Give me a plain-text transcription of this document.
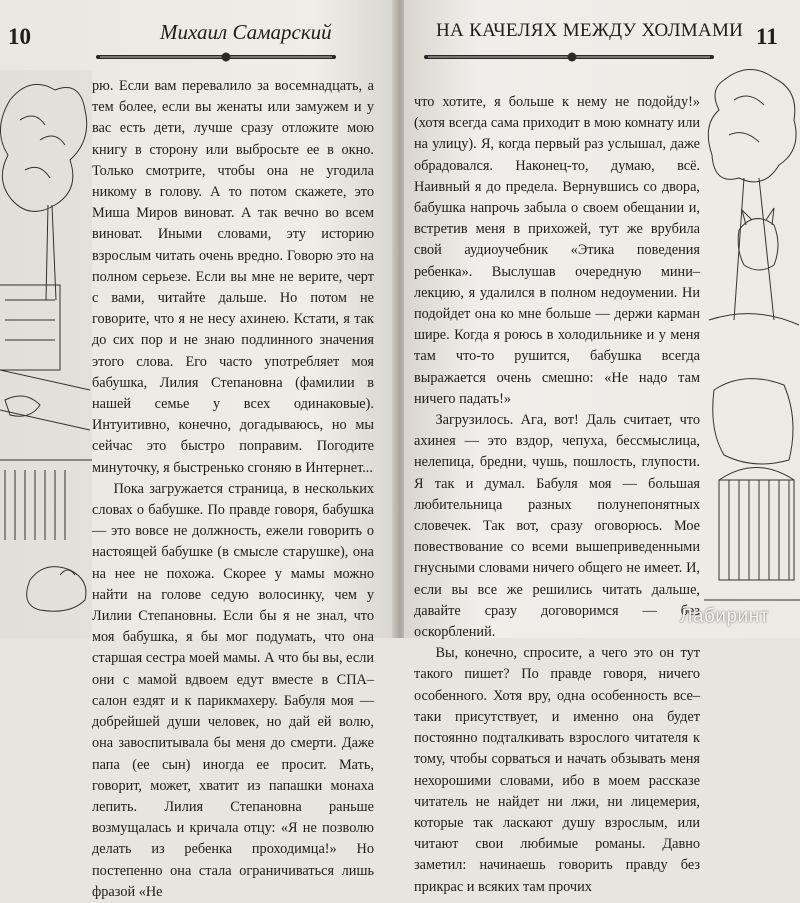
10	Михаил Самарский

рю. Если вам перевалило за восемнадцать, а тем более, если вы женаты или замужем и у вас есть дети, лучше сразу отложите мою книгу в сторону или выбросьте ее в окно. Только смотрите, чтобы она не угодила никому в голову. А то потом скажете, это Миша Миров виноват. А так вечно во всем виноват. Иными словами, эту историю взрослым читать очень вредно. Говорю это на полном серьезе. Если вы мне не верите, черт с вами, читайте дальше. Но потом не говорите, что я не несу ахинею. Кстати, я так до сих пор и не знаю подлинного значения этого слова. Его часто употребляет моя бабушка, Лилия Степановна (фамилии в нашей семье у всех одинаковые). Интуитивно, конечно, догадываюсь, но мы сейчас это быстро поправим. Погодите минуточку, я быстренько сгоняю в Интернет...

Пока загружается страница, в нескольких словах о бабушке. По правде говоря, бабушка — это вовсе не должность, ежели говорить о настоящей бабушке (в смысле старушке), она на нее не похожа. Скорее у мамы можно найти на голове седую волосинку, чем у Лилии Степановны. Если бы я не знал, что моя бабушка, я бы мог подумать, что она старшая сестра моей мамы. А что бы вы, если они с мамой вдвоем едут вместе в СПА–салон ездят и к парикмахеру. Бабуля моя — добрейшей души человек, но дай ей волю, она завоспитывала бы меня до смерти. Даже папа (ее сын) иногда ее просит. Мать, говорит, может, хватит из папашки монаха лепить. Лилия Степановна раньше возмущалась и кричала отцу: «Я не позволю делать из ребенка проходимца!» Но постепенно она стала ограничиваться лишь фразой «Не

11
НА КАЧЕЛЯХ МЕЖДУ ХОЛМАМИ

что хотите, я больше к нему не подойду!» (хотя всегда сама приходит в мою комнату или на улицу). Я, когда первый раз услышал, даже обрадовался. Наконец-то, думаю, всё. Наивный я до предела. Вернувшись со двора, бабушка напрочь забыла о своем обещании и, встретив меня в прихожей, тут же врубила свой аудиоучебник «Этика поведения ребенка». Выслушав очередную мини–лекцию, я удалился в полном недоумении. Ни подойдет она ко мне больше — держи карман шире. Когда я роюсь в холодильнике и у меня там что-то рушится, бабушка всегда выражается очень смешно: «Не надо там ничего падать!»

Загрузилось. Ага, вот! Даль считает, что ахинея — это вздор, чепуха, бессмыслица, нелепица, бредни, чушь, пошлость, глупости. Я так и думал. Бабуля моя — большая любительница разных полунепонятных словечек. Так вот, сразу оговорюсь. Мое повествование со всеми вышеприведенными гнусными словами ничего общего не имеет. И, если вы все же решились читать дальше, давайте сразу договоримся — без оскорблений.

Вы, конечно, спросите, а чего это он тут такого пишет? По правде говоря, ничего особенного. Хотя вру, одна особенность все–таки присутствует, и именно она будет постоянно подталкивать взрослого читателя к тому, чтобы сорваться и начать обзывать меня нехорошими словами, ибо в моем рассказе читатель не найдет ни лжи, ни лицемерия, которые так ласкают душу взрослым, или читают свои любимые романы. Давно заметил: начинаешь говорить правду без прикрас и всяких там прочих

Лабиринт
